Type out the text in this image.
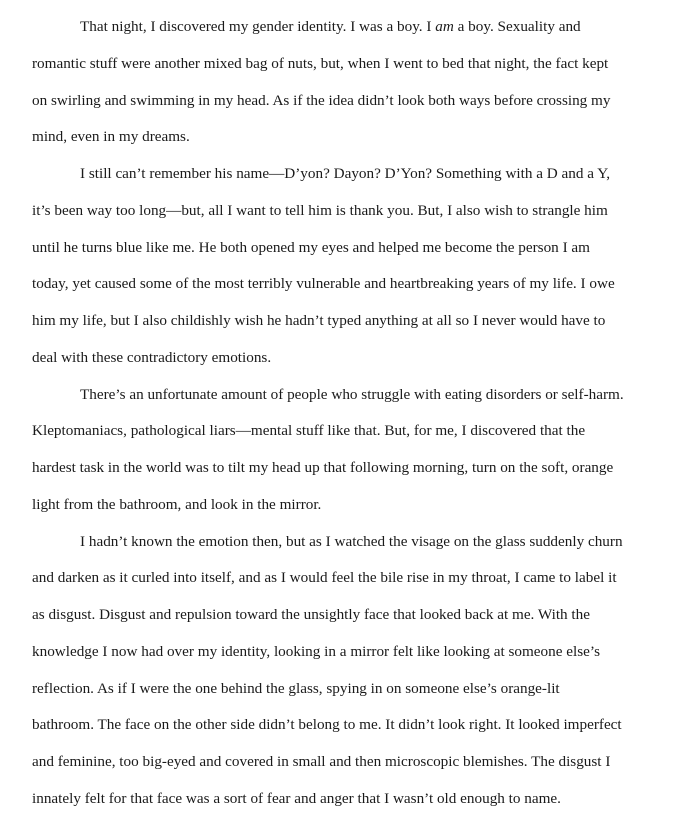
That night, I discovered my gender identity. I was a boy. I am a boy. Sexuality and
romantic stuff were another mixed bag of nuts, but, when I went to bed that night, the fact kept
on swirling and swimming in my head. As if the idea didn’t look both ways before crossing my
mind, even in my dreams.
I still can’t remember his name—D’yon? Dayon? D’Yon? Something with a D and a Y,
it’s been way too long—but, all I want to tell him is thank you. But, I also wish to strangle him
until he turns blue like me. He both opened my eyes and helped me become the person I am
today, yet caused some of the most terribly vulnerable and heartbreaking years of my life. I owe
him my life, but I also childishly wish he hadn’t typed anything at all so I never would have to
deal with these contradictory emotions.
There’s an unfortunate amount of people who struggle with eating disorders or self-harm.
Kleptomaniacs, pathological liars—mental stuff like that. But, for me, I discovered that the
hardest task in the world was to tilt my head up that following morning, turn on the soft, orange
light from the bathroom, and look in the mirror.
I hadn’t known the emotion then, but as I watched the visage on the glass suddenly churn
and darken as it curled into itself, and as I would feel the bile rise in my throat, I came to label it
as disgust. Disgust and repulsion toward the unsightly face that looked back at me. With the
knowledge I now had over my identity, looking in a mirror felt like looking at someone else’s
reflection. As if I were the one behind the glass, spying in on someone else’s orange-lit
bathroom. The face on the other side didn’t belong to me. It didn’t look right. It looked imperfect
and feminine, too big-eyed and covered in small and then microscopic blemishes. The disgust I
innately felt for that face was a sort of fear and anger that I wasn’t old enough to name.
